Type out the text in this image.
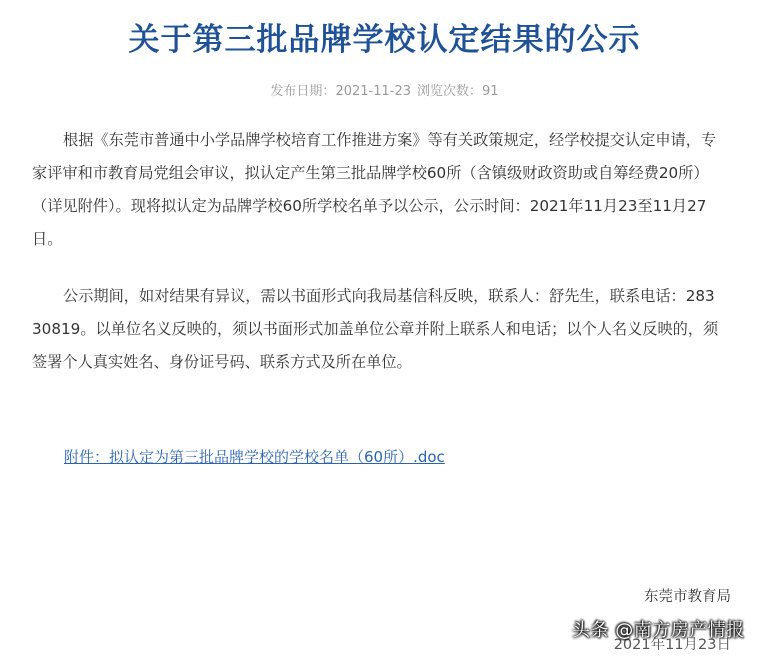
关于第三批品牌学校认定结果的公示
发布日期：2021-11-23 浏览次数：91

根据《东莞市普通中小学品牌学校培育工作推进方案》等有关政策规定，经学校提交认定申请，专家评审和市教育局党组会审议，拟认定产生第三批品牌学校60所（含镇级财政资助或自筹经费20所）（详见附件）。现将拟认定为品牌学校60所学校名单予以公示，公示时间：2021年11月23至11月27日。

公示期间，如对结果有异议，需以书面形式向我局基信科反映，联系人：舒先生，联系电话：28330819。以单位名义反映的，须以书面形式加盖单位公章并附上联系人和电话；以个人名义反映的，须签署个人真实姓名、身份证号码、联系方式及所在单位。

附件：拟认定为第三批品牌学校的学校名单（60所）.doc
东莞市教育局
2021年11月23日
头条 @南方房产情报
